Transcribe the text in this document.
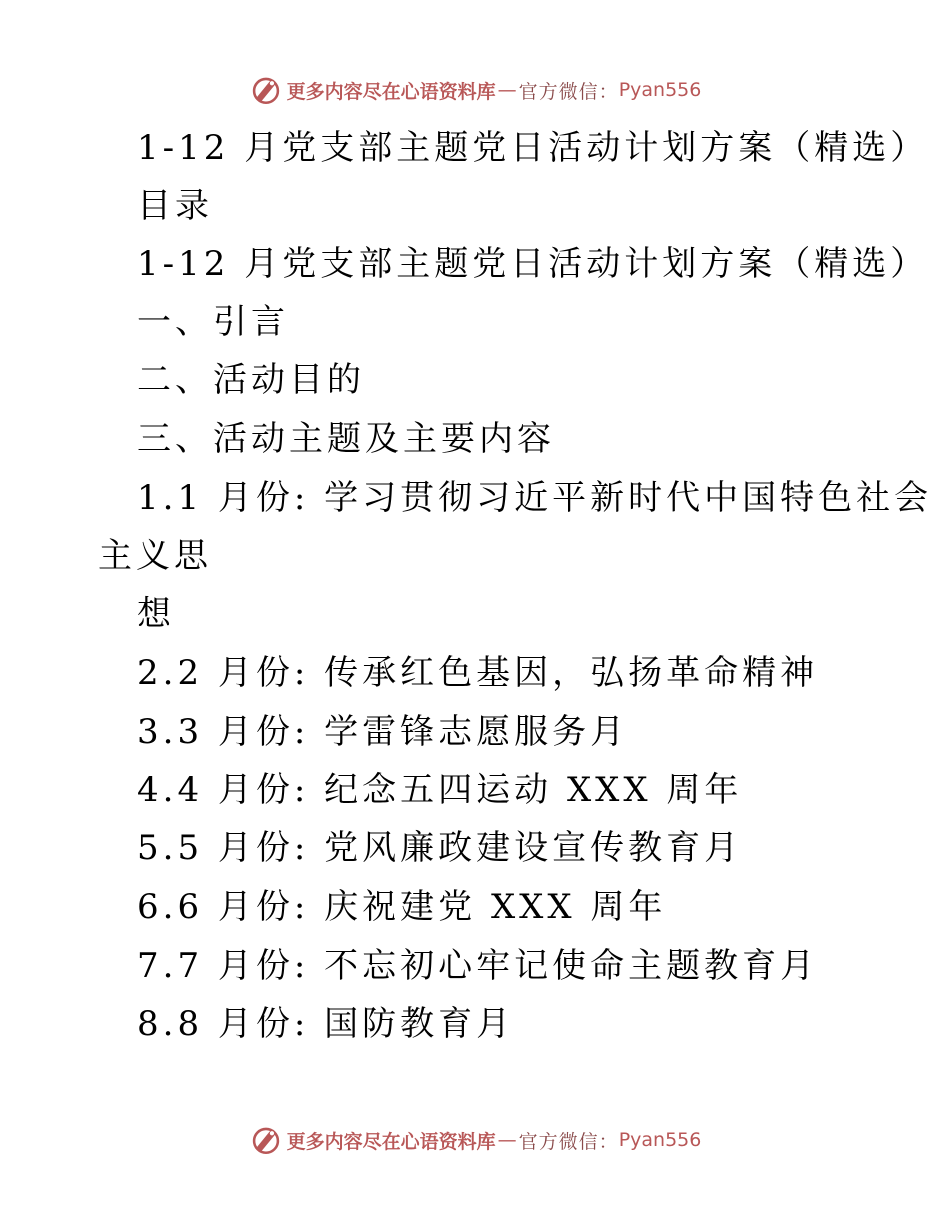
更多内容尽在心语资料库 — 官方微信： Pyan556
1-12 月党支部主题党日活动计划方案（精选）
目录
1-12 月党支部主题党日活动计划方案（精选）
一、引言
二、活动目的
三、活动主题及主要内容
1.1 月份: 学习贯彻习近平新时代中国特色社会
主义思
想
2.2 月份: 传承红色基因，弘扬革命精神
3.3 月份: 学雷锋志愿服务月
4.4 月份: 纪念五四运动 XXX 周年
5.5 月份: 党风廉政建设宣传教育月
6.6 月份: 庆祝建党 XXX 周年
7.7 月份: 不忘初心牢记使命主题教育月
8.8 月份: 国防教育月
更多内容尽在心语资料库 — 官方微信： Pyan556
